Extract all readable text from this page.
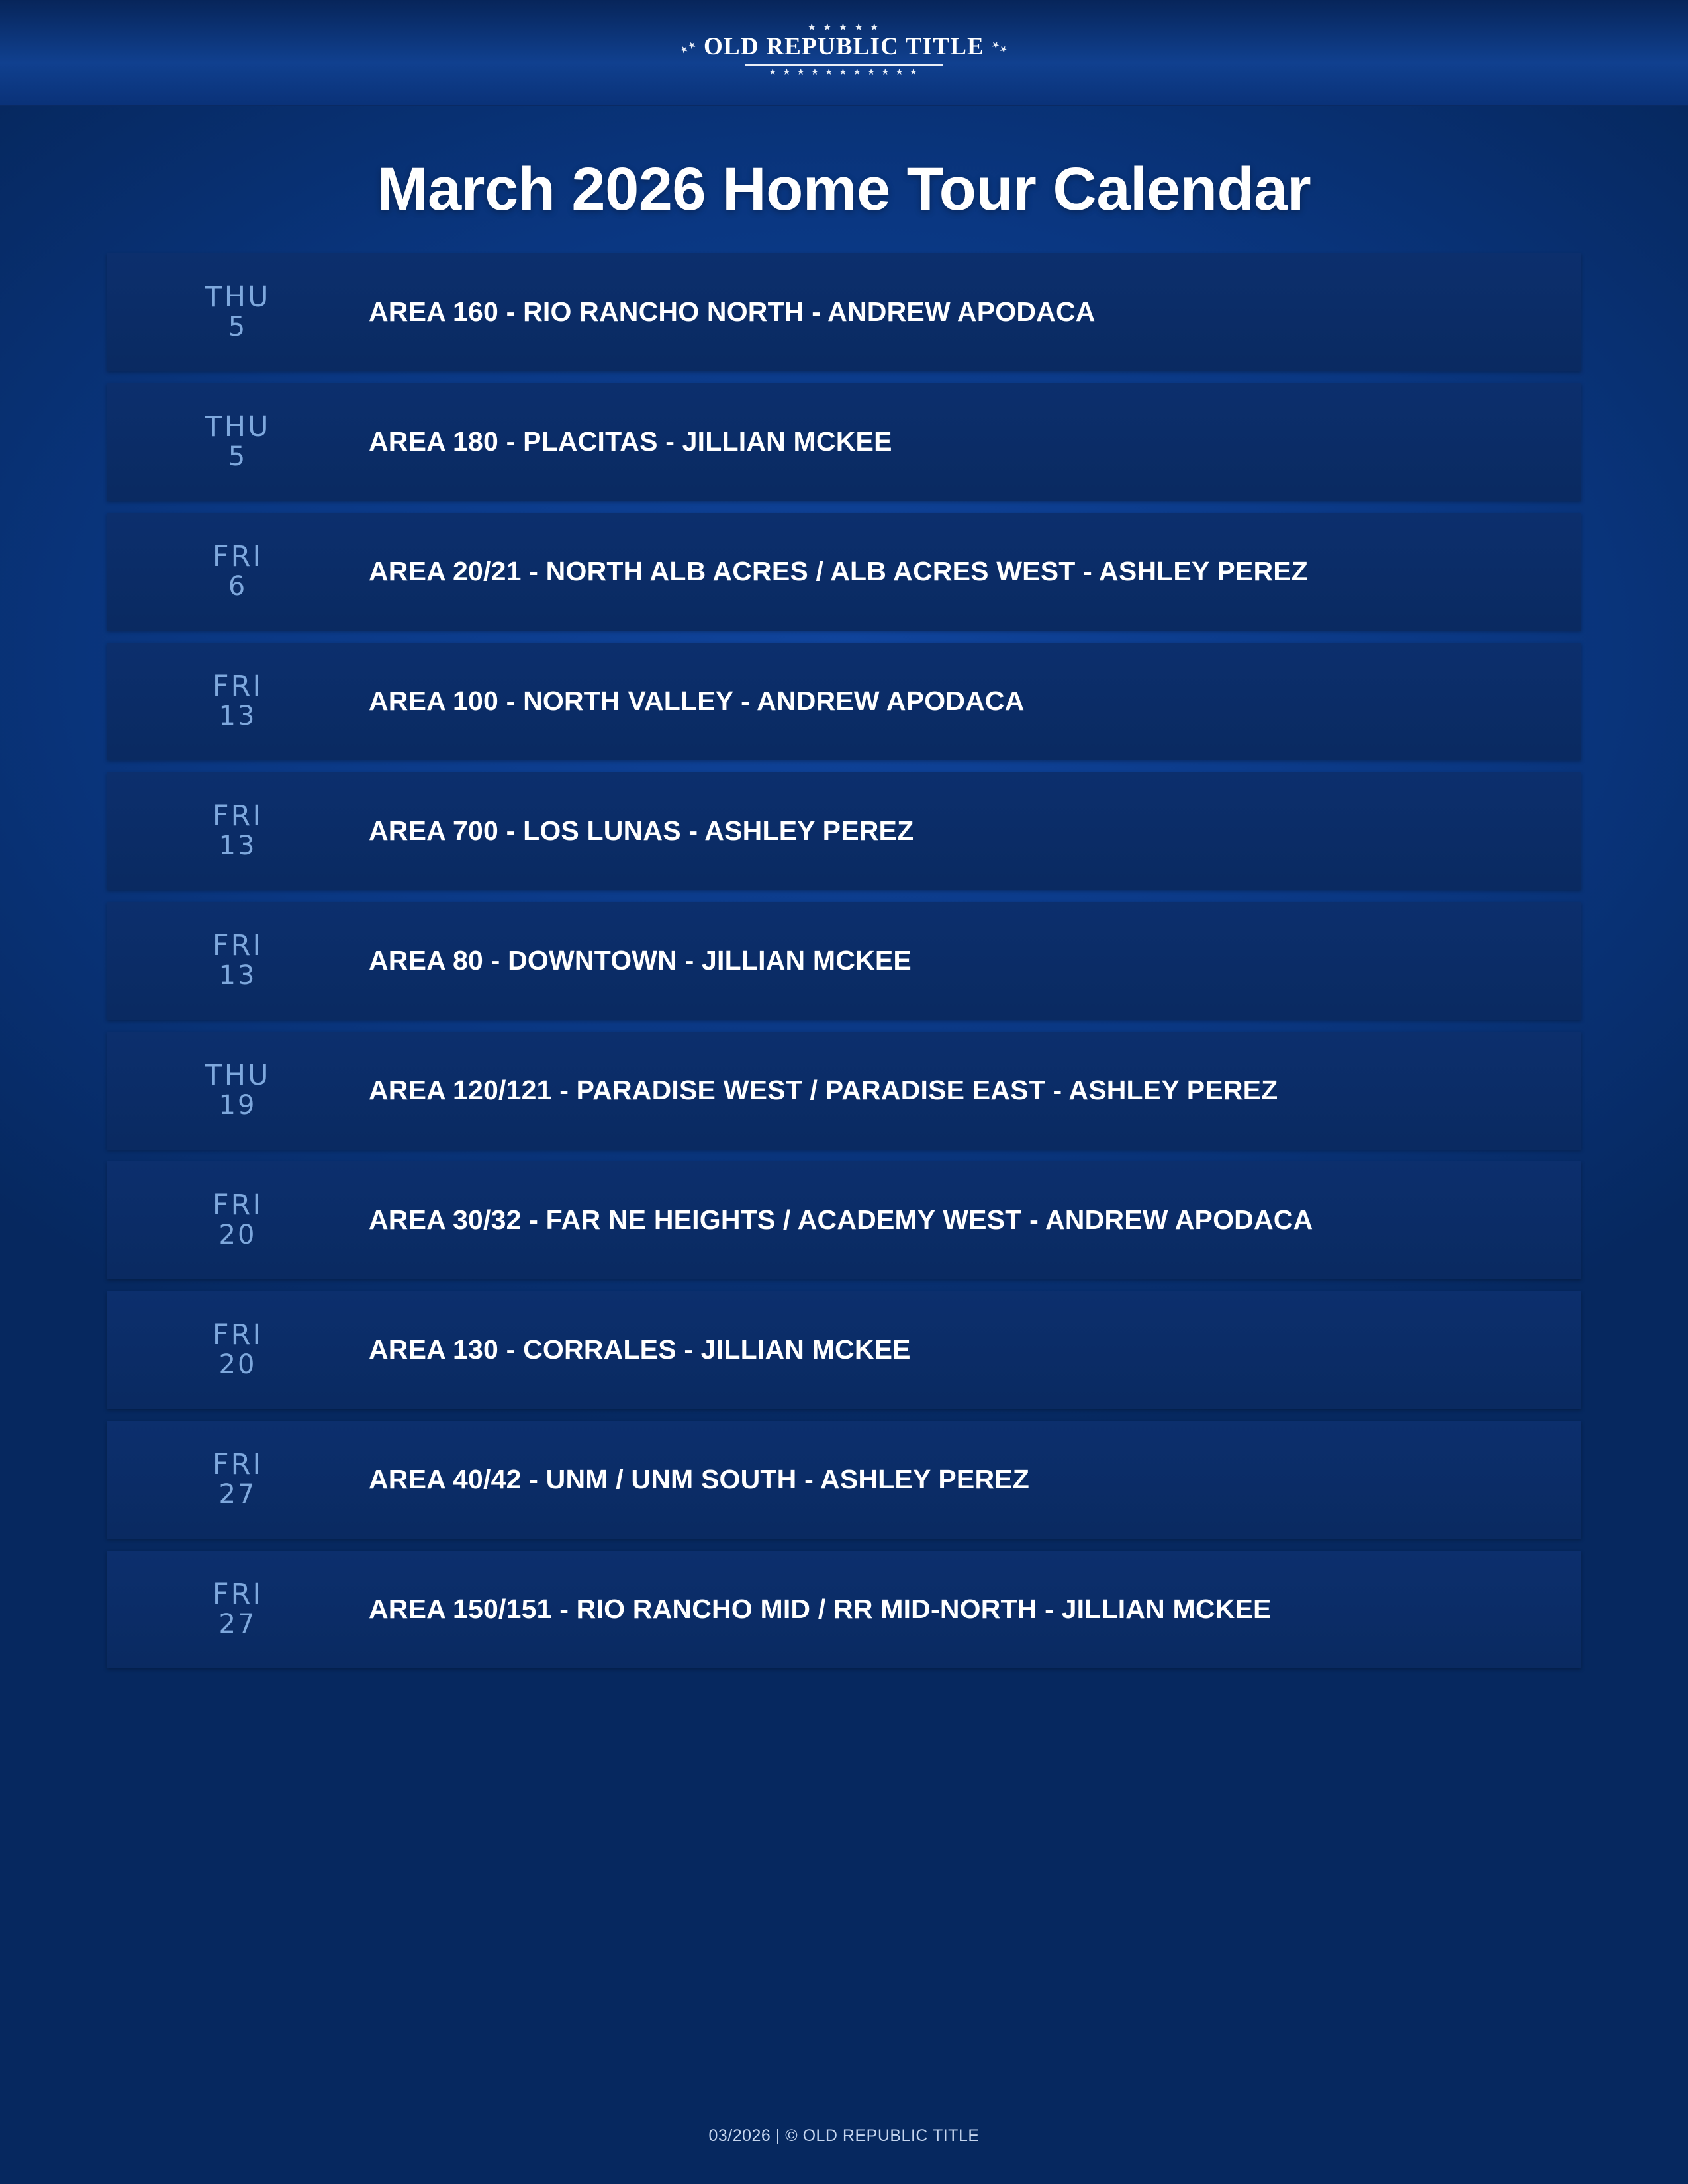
★ ★ ★ ★ ★
★★ OLD REPUBLIC TITLE ★★
★ ★ ★ ★ ★ ★ ★ ★ ★ ★ ★
March 2026 Home Tour Calendar
THU
5	AREA 160 - RIO RANCHO NORTH - ANDREW APODACA
THU
5	AREA 180 - PLACITAS - JILLIAN MCKEE
FRI
6	AREA 20/21 - NORTH ALB ACRES / ALB ACRES WEST - ASHLEY PEREZ
FRI
13	AREA 100 - NORTH VALLEY - ANDREW APODACA
FRI
13	AREA 700 - LOS LUNAS - ASHLEY PEREZ
FRI
13	AREA 80 - DOWNTOWN - JILLIAN MCKEE
THU
19	AREA 120/121 - PARADISE WEST / PARADISE EAST - ASHLEY PEREZ
FRI
20	AREA 30/32 - FAR NE HEIGHTS / ACADEMY WEST - ANDREW APODACA
FRI
20	AREA 130 - CORRALES - JILLIAN MCKEE
FRI
27	AREA 40/42 - UNM / UNM SOUTH - ASHLEY PEREZ
FRI
27	AREA 150/151 - RIO RANCHO MID / RR MID-NORTH - JILLIAN MCKEE
03/2026 | © OLD REPUBLIC TITLE
